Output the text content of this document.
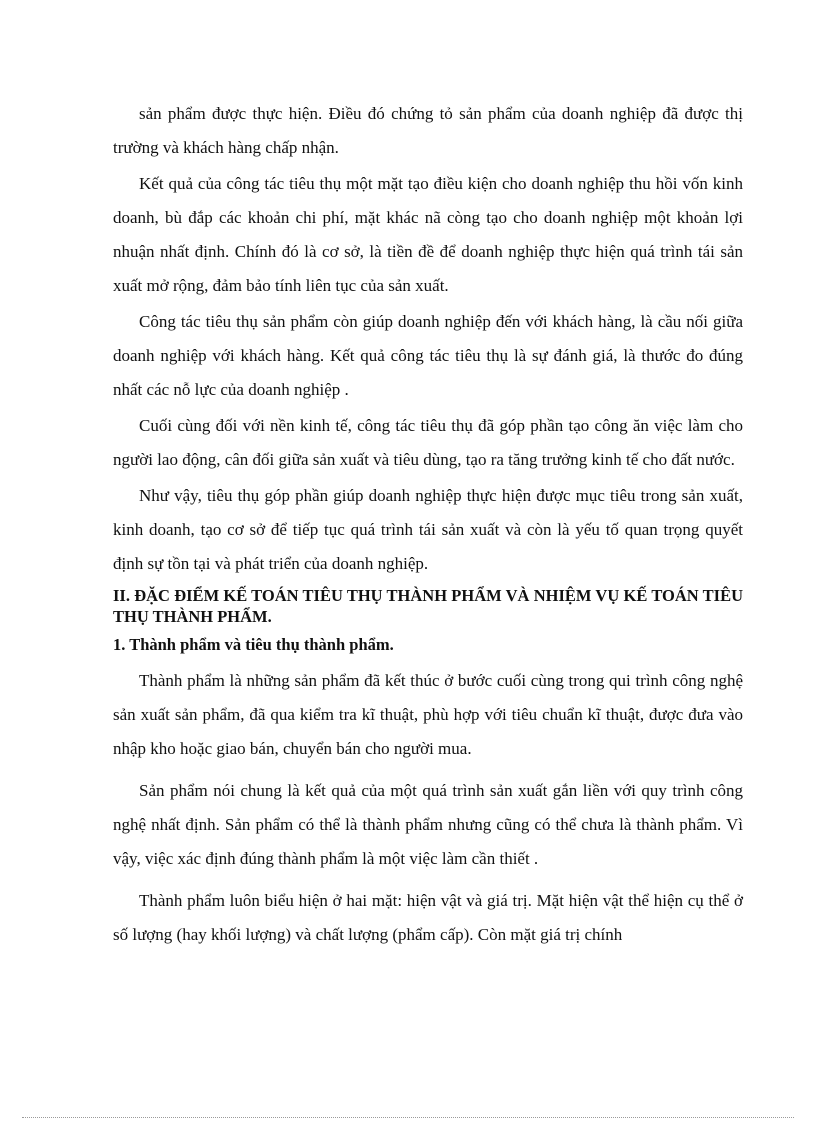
sản phẩm được thực hiện. Điều đó chứng tỏ sản phẩm của doanh nghiệp đã được thị trường và khách hàng chấp nhận.

Kết quả của công tác tiêu thụ một mặt tạo điều kiện cho doanh nghiệp thu hồi vốn kinh doanh, bù đắp các khoản chi phí, mặt khác nã còng tạo cho doanh nghiệp một khoản lợi nhuận nhất định. Chính đó là cơ sở, là tiền đề để doanh nghiệp thực hiện quá trình tái sản xuất mở rộng, đảm bảo tính liên tục của sản xuất.

Công tác tiêu thụ sản phẩm còn giúp doanh nghiệp đến với khách hàng, là cầu nối giữa doanh nghiệp với khách hàng. Kết quả công tác tiêu thụ là sự đánh giá, là thước đo đúng nhất các nỗ lực của doanh nghiệp .

Cuối cùng đối với nền kinh tế, công tác tiêu thụ đã góp phần tạo công ăn việc làm cho người lao động, cân đối giữa sản xuất và tiêu dùng, tạo ra tăng trưởng kinh tế cho đất nước.

Như vậy, tiêu thụ góp phần giúp doanh nghiệp thực hiện được mục tiêu trong sản xuất, kinh doanh, tạo cơ sở để tiếp tục quá trình tái sản xuất và còn là yếu tố quan trọng quyết định sự tồn tại và phát triển của doanh nghiệp.

II. ĐẶC ĐIỂM KẾ TOÁN TIÊU THỤ THÀNH PHẨM VÀ NHIỆM VỤ KẾ TOÁN TIÊU THỤ THÀNH PHẨM.
1. Thành phẩm và tiêu thụ thành phẩm.

Thành phẩm là những sản phẩm đã kết thúc ở bước cuối cùng trong qui trình công nghệ sản xuất sản phẩm, đã qua kiểm tra kĩ thuật, phù hợp với tiêu chuẩn kĩ thuật, được đưa vào nhập kho hoặc giao bán, chuyển bán cho người mua.

Sản phẩm nói chung là kết quả của một quá trình sản xuất gắn liền với quy trình công nghệ nhất định. Sản phẩm có thể là thành phẩm nhưng cũng có thể chưa là thành phẩm. Vì vậy, việc xác định đúng thành phẩm là một việc làm cần thiết .

Thành phẩm luôn biểu hiện ở hai mặt: hiện vật và giá trị. Mặt hiện vật thể hiện cụ thể ở số lượng (hay khối lượng) và chất lượng (phẩm cấp). Còn mặt giá trị chính
